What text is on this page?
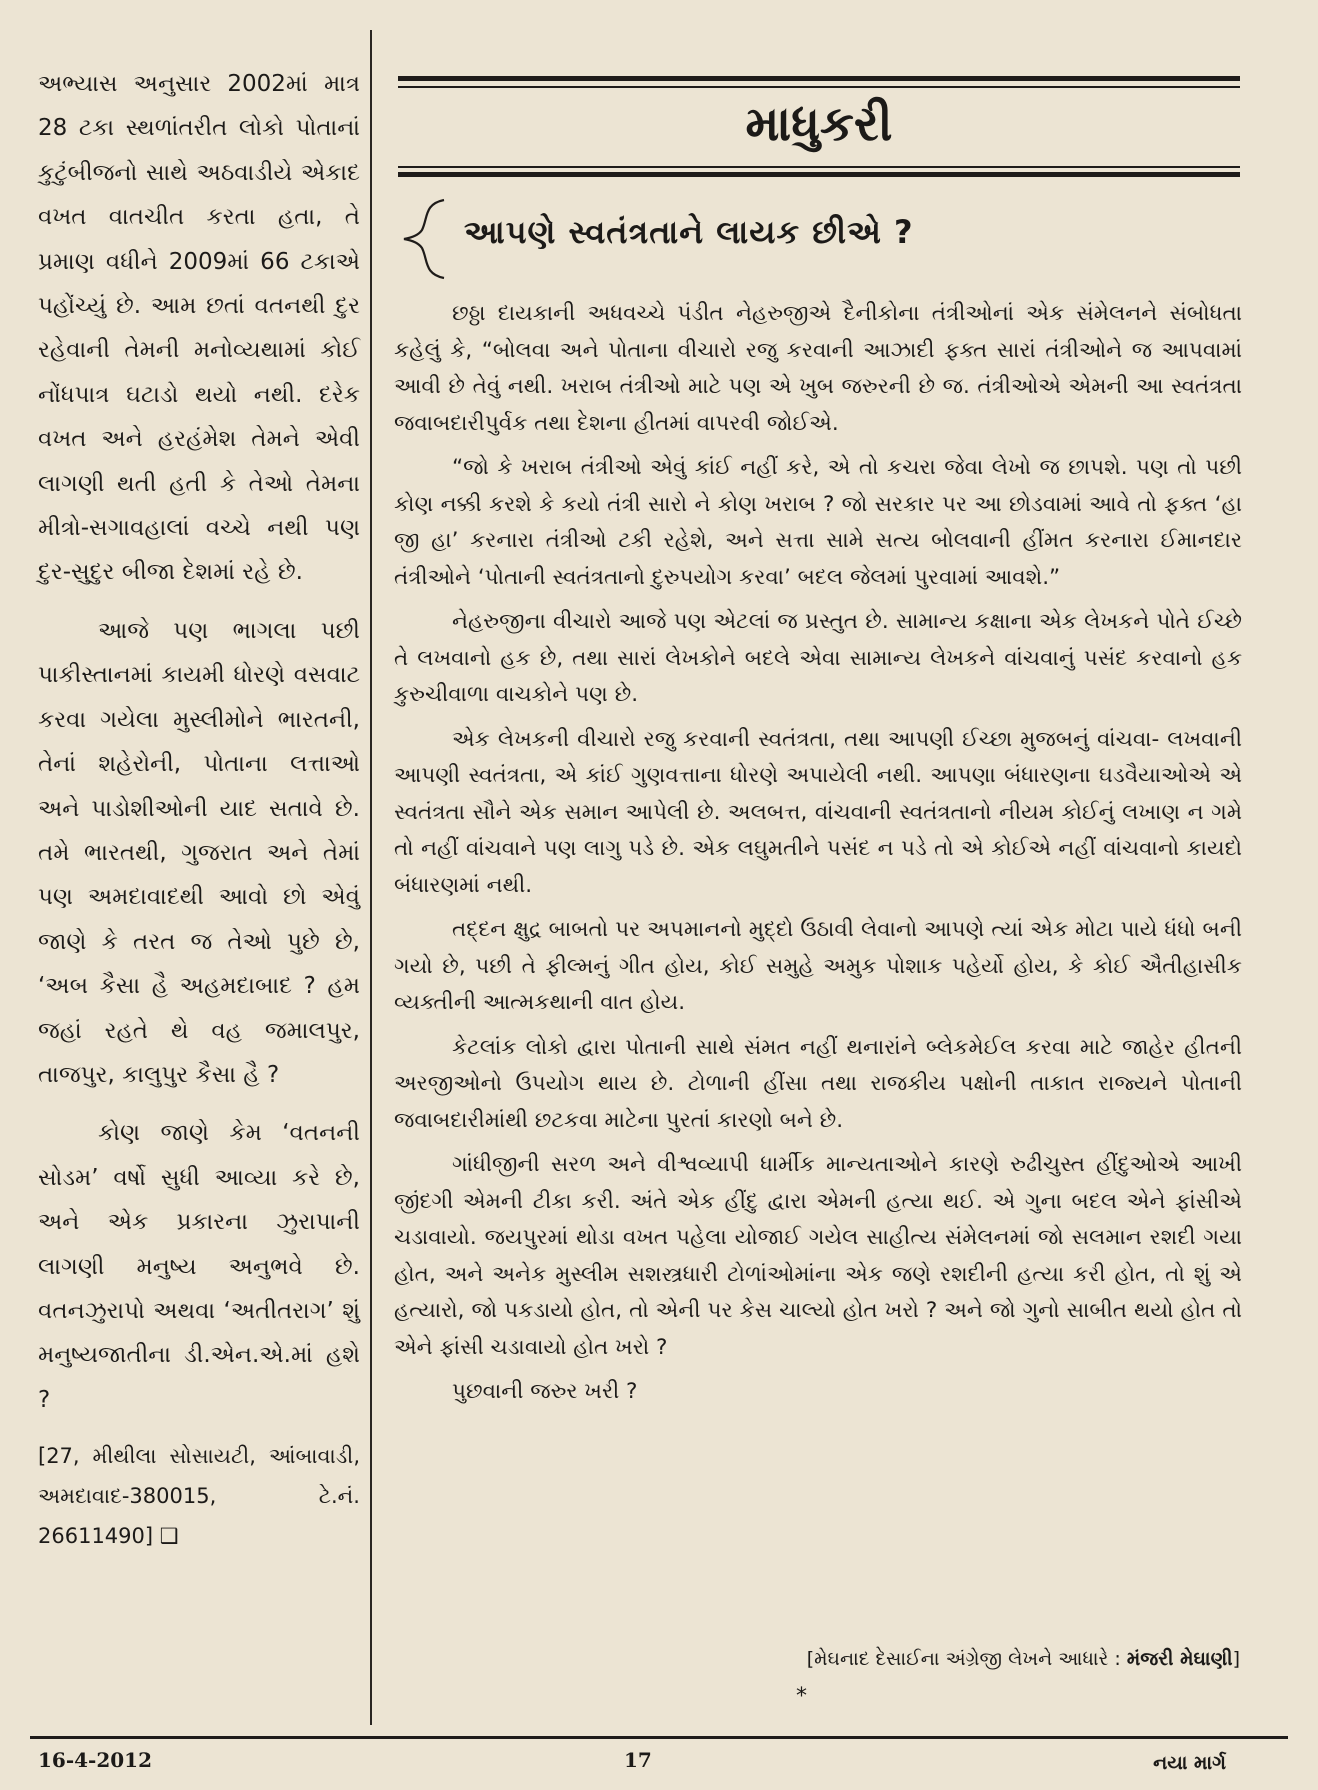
અભ્યાસ અનુસાર 2002માં માત્ર 28 ટકા સ્થળાંતરીત લોકો પોતાનાં કુટુંબીજનો સાથે અઠવાડીયે એકાદ વખત વાતચીત કરતા હતા, તે પ્રમાણ વધીને 2009માં 66 ટકાએ પહોંચ્યું છે. આમ છતાં વતનથી દુર રહેવાની તેમની મનોવ્યથામાં કોઈ નોંધપાત્ર ઘટાડો થયો નથી. દરેક વખત અને હરહંમેશ તેમને એવી લાગણી થતી હતી કે તેઓ તેમના મીત્રો-સગાવહાલાં વચ્ચે નથી પણ દુર-સુદુર બીજા દેશમાં રહે છે.

આજે પણ ભાગલા પછી પાકીસ્તાનમાં કાયમી ધોરણે વસવાટ કરવા ગયેલા મુસ્લીમોને ભારતની, તેનાં શહેરોની, પોતાના લત્તાઓ અને પાડોશીઓની યાદ સતાવે છે. તમે ભારતથી, ગુજરાત અને તેમાં પણ અમદાવાદથી આવો છો એવું જાણે કે તરત જ તેઓ પુછે છે, ‘અબ કૈસા હૈ અહમદાબાદ ? હમ જહાં રહતે થે વહ જમાલપુર, તાજપુર, કાલુપુર કૈસા હૈ ?

કોણ જાણે કેમ ‘વતનની સોડમ’ વર્ષો સુધી આવ્યા કરે છે, અને એક પ્રકારના ઝુરાપાની લાગણી મનુષ્ય અનુભવે છે. વતનઝુરાપો અથવા ‘અતીતરાગ’ શું મનુષ્યજાતીના ડી.એન.એ.માં હશે ?

[27, મીથીલા સોસાયટી, આંબાવાડી, અમદાવાદ-380015, ટે.નં. 26611490] ❑

માધુકરી
આપણે સ્વતંત્રતાને લાયક છીએ ?

છઠ્ઠા દાયકાની અધવચ્ચે પંડીત નેહરુજીએ દૈનીકોના તંત્રીઓનાં એક સંમેલનને સંબોધતા કહેલું કે, “બોલવા અને પોતાના વીચારો રજુ કરવાની આઝાદી ફક્ત સારાં તંત્રીઓને જ આપવામાં આવી છે તેવું નથી. ખરાબ તંત્રીઓ માટે પણ એ ખુબ જરુરની છે જ. તંત્રીઓએ એમની આ સ્વતંત્રતા જવાબદારીપુર્વક તથા દેશના હીતમાં વાપરવી જોઈએ.

“જો કે ખરાબ તંત્રીઓ એવું કાંઈ નહીં કરે, એ તો કચરા જેવા લેખો જ છાપશે. પણ તો પછી કોણ નક્કી કરશે કે કયો તંત્રી સારો ને કોણ ખરાબ ? જો સરકાર પર આ છોડવામાં આવે તો ફક્ત ‘હા જી હા’ કરનારા તંત્રીઓ ટકી રહેશે, અને સત્તા સામે સત્ય બોલવાની હીંમત કરનારા ઈમાનદાર તંત્રીઓને ‘પોતાની સ્વતંત્રતાનો દુરુપયોગ કરવા’ બદલ જેલમાં પુરવામાં આવશે.”

નેહરુજીના વીચારો આજે પણ એટલાં જ પ્રસ્તુત છે. સામાન્ય કક્ષાના એક લેખકને પોતે ઈચ્છે તે લખવાનો હક છે, તથા સારાં લેખકોને બદલે એવા સામાન્ય લેખકને વાંચવાનું પસંદ કરવાનો હક કુરુચીવાળા વાચકોને પણ છે.

એક લેખકની વીચારો રજુ કરવાની સ્વતંત્રતા, તથા આપણી ઈચ્છા મુજબનું વાંચવા- લખવાની આપણી સ્વતંત્રતા, એ કાંઈ ગુણવત્તાના ધોરણે અપાયેલી નથી. આપણા બંધારણના ઘડવૈયાઓએ એ સ્વતંત્રતા સૌને એક સમાન આપેલી છે. અલબત્ત, વાંચવાની સ્વતંત્રતાનો નીયમ કોઈનું લખાણ ન ગમે તો નહીં વાંચવાને પણ લાગુ પડે છે. એક લઘુમતીને પસંદ ન પડે તો એ કોઈએ નહીં વાંચવાનો કાયદો બંધારણમાં નથી.

તદ્દન ક્ષુદ્ર બાબતો પર અપમાનનો મુદ્દો ઉઠાવી લેવાનો આપણે ત્યાં એક મોટા પાયે ધંધો બની ગયો છે, પછી તે ફીલ્મનું ગીત હોય, કોઈ સમુહે અમુક પોશાક પહેર્યો હોય, કે કોઈ ઐતીહાસીક વ્યક્તીની આત્મકથાની વાત હોય.

કેટલાંક લોકો દ્વારા પોતાની સાથે સંમત નહીં થનારાંને બ્લેકમેઈલ કરવા માટે જાહેર હીતની અરજીઓનો ઉપયોગ થાય છે. ટોળાની હીંસા તથા રાજકીય પક્ષોની તાકાત રાજ્યને પોતાની જવાબદારીમાંથી છટકવા માટેના પુરતાં કારણો બને છે.

ગાંધીજીની સરળ અને વીશ્વવ્યાપી ધાર્મીક માન્યતાઓને કારણે રુઢીચુસ્ત હીંદુઓએ આખી જીંદગી એમની ટીકા કરી. અંતે એક હીંદુ દ્વારા એમની હત્યા થઈ. એ ગુના બદલ એને ફાંસીએ ચડાવાયો. જયપુરમાં થોડા વખત પહેલા યોજાઈ ગયેલ સાહીત્ય સંમેલનમાં જો સલમાન રશદી ગયા હોત, અને અનેક મુસ્લીમ સશસ્ત્રધારી ટોળાંઓમાંના એક જણે રશદીની હત્યા કરી હોત, તો શું એ હત્યારો, જો પકડાયો હોત, તો એની પર કેસ ચાલ્યો હોત ખરો ? અને જો ગુનો સાબીત થયો હોત તો એને ફાંસી ચડાવાયો હોત ખરો ?

પુછવાની જરુર ખરી ?

[મેઘનાદ દેસાઈના અંગ્રેજી લેખને આધારે : મંજરી મેઘાણી]
*
16-4-2012	17	નયા માર્ગ
